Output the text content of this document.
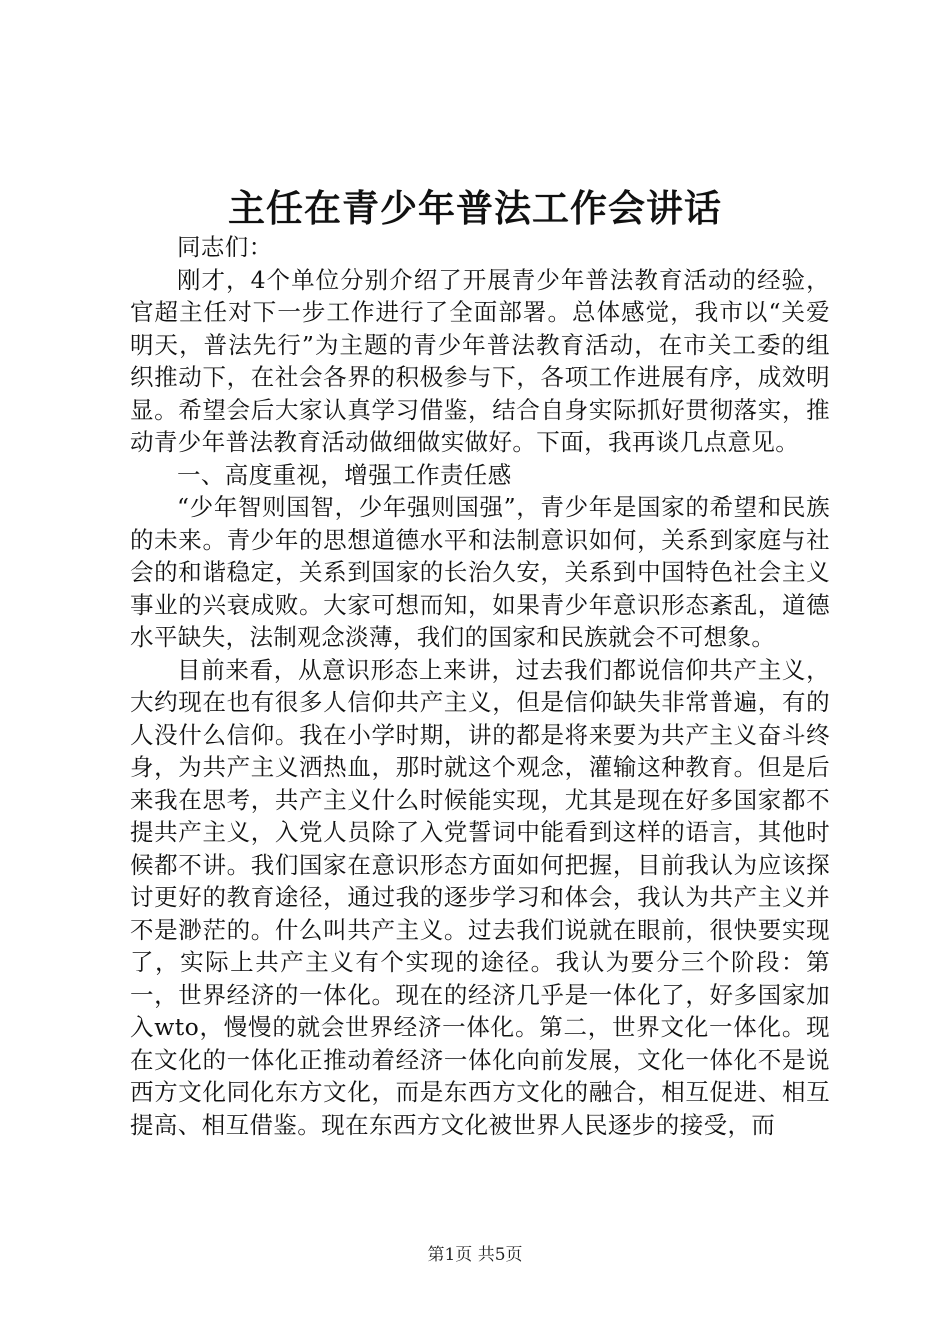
主任在青少年普法工作会讲话

同志们：

刚才，4个单位分别介绍了开展青少年普法教育活动的经验，官超主任对下一步工作进行了全面部署。总体感觉，我市以“关爱明天，普法先行”为主题的青少年普法教育活动，在市关工委的组织推动下，在社会各界的积极参与下，各项工作进展有序，成效明显。希望会后大家认真学习借鉴，结合自身实际抓好贯彻落实，推动青少年普法教育活动做细做实做好。下面，我再谈几点意见。

一、高度重视，增强工作责任感

“少年智则国智，少年强则国强”，青少年是国家的希望和民族的未来。青少年的思想道德水平和法制意识如何，关系到家庭与社会的和谐稳定，关系到国家的长治久安，关系到中国特色社会主义事业的兴衰成败。大家可想而知，如果青少年意识形态紊乱，道德水平缺失，法制观念淡薄，我们的国家和民族就会不可想象。

目前来看，从意识形态上来讲，过去我们都说信仰共产主义，大约现在也有很多人信仰共产主义，但是信仰缺失非常普遍，有的人没什么信仰。我在小学时期，讲的都是将来要为共产主义奋斗终身，为共产主义洒热血，那时就这个观念，灌输这种教育。但是后来我在思考，共产主义什么时候能实现，尤其是现在好多国家都不提共产主义，入党人员除了入党誓词中能看到这样的语言，其他时候都不讲。我们国家在意识形态方面如何把握，目前我认为应该探讨更好的教育途径，通过我的逐步学习和体会，我认为共产主义并不是渺茫的。什么叫共产主义。过去我们说就在眼前，很快要实现了，实际上共产主义有个实现的途径。我认为要分三个阶段：第一，世界经济的一体化。现在的经济几乎是一体化了，好多国家加入wto，慢慢的就会世界经济一体化。第二，世界文化一体化。现在文化的一体化正推动着经济一体化向前发展，文化一体化不是说西方文化同化东方文化，而是东西方文化的融合，相互促进、相互提高、相互借鉴。现在东西方文化被世界人民逐步的接受，而

第1页 共5页
